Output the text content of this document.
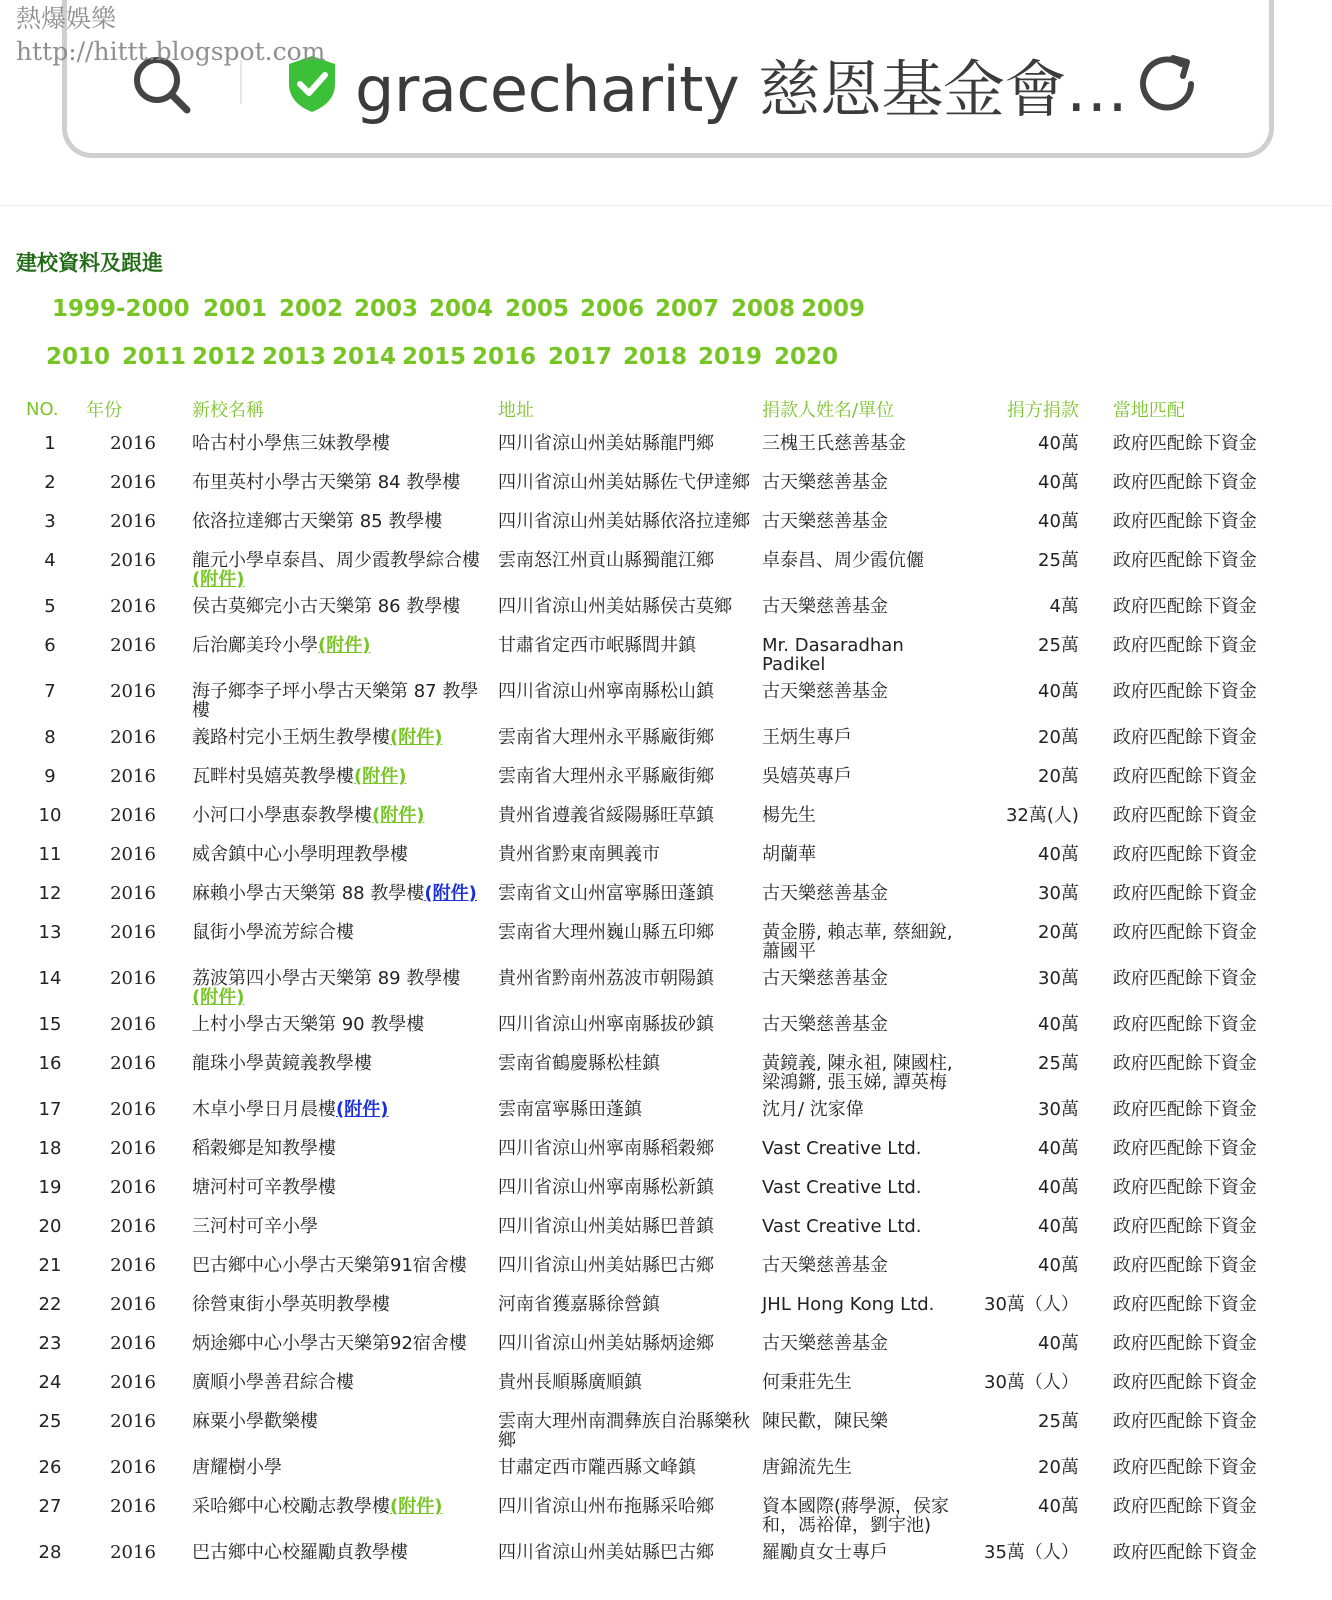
熱爆娛樂
http://hittt.blogspot.com
gracecharity 慈恩基金會…
建校資料及跟進
1999-2000 2001 2002 2003 2004 2005 2006 2007 2008 2009
2010 2011 2012 2013 2014 2015 2016 2017 2018 2019 2020
NO.	年份	新校名稱	地址	捐款人姓名/單位	捐方捐款	當地匹配
1	2016	哈古村小學焦三妹教學樓	四川省涼山州美姑縣龍門鄉	三槐王氏慈善基金	40萬	政府匹配餘下資金
2	2016	布里英村小學古天樂第 84 教學樓	四川省涼山州美姑縣佐弋伊達鄉	古天樂慈善基金	40萬	政府匹配餘下資金
3	2016	依洛拉達鄉古天樂第 85 教學樓	四川省涼山州美姑縣依洛拉達鄉	古天樂慈善基金	40萬	政府匹配餘下資金
4	2016	龍元小學卓泰昌、周少霞教學綜合樓(附件)	雲南怒江州貢山縣獨龍江鄉	卓泰昌、周少霞伉儷	25萬	政府匹配餘下資金
5	2016	侯古莫鄉完小古天樂第 86 教學樓	四川省涼山州美姑縣侯古莫鄉	古天樂慈善基金	4萬	政府匹配餘下資金
6	2016	后治鄺美玲小學(附件)	甘肅省定西市岷縣閭井鎮	Mr. Dasaradhan Padikel	25萬	政府匹配餘下資金
7	2016	海子鄉李子坪小學古天樂第 87 教學樓	四川省涼山州寧南縣松山鎮	古天樂慈善基金	40萬	政府匹配餘下資金
8	2016	義路村完小王炳生教學樓(附件)	雲南省大理州永平縣廠街鄉	王炳生專戶	20萬	政府匹配餘下資金
9	2016	瓦畔村吳嬉英教學樓(附件)	雲南省大理州永平縣廠街鄉	吳嬉英專戶	20萬	政府匹配餘下資金
10	2016	小河口小學惠泰教學樓(附件)	貴州省遵義省綏陽縣旺草鎮	楊先生	32萬(人)	政府匹配餘下資金
11	2016	威舍鎮中心小學明理教學樓	貴州省黔東南興義市	胡蘭華	40萬	政府匹配餘下資金
12	2016	麻賴小學古天樂第 88 教學樓(附件)	雲南省文山州富寧縣田蓬鎮	古天樂慈善基金	30萬	政府匹配餘下資金
13	2016	鼠街小學流芳綜合樓	雲南省大理州巍山縣五印鄉	黃金勝, 賴志華, 蔡細銳, 蕭國平	20萬	政府匹配餘下資金
14	2016	荔波第四小學古天樂第 89 教學樓(附件)	貴州省黔南州荔波市朝陽鎮	古天樂慈善基金	30萬	政府匹配餘下資金
15	2016	上村小學古天樂第 90 教學樓	四川省涼山州寧南縣拔砂鎮	古天樂慈善基金	40萬	政府匹配餘下資金
16	2016	龍珠小學黃鏡義教學樓	雲南省鶴慶縣松桂鎮	黃鏡義, 陳永祖, 陳國柱, 梁鴻鏘, 張玉娣, 譚英梅	25萬	政府匹配餘下資金
17	2016	木卓小學日月晨樓(附件)	雲南富寧縣田蓬鎮	沈月/ 沈家偉	30萬	政府匹配餘下資金
18	2016	稻穀鄉是知教學樓	四川省涼山州寧南縣稻穀鄉	Vast Creative Ltd.	40萬	政府匹配餘下資金
19	2016	塘河村可辛教學樓	四川省涼山州寧南縣松新鎮	Vast Creative Ltd.	40萬	政府匹配餘下資金
20	2016	三河村可辛小學	四川省涼山州美姑縣巴普鎮	Vast Creative Ltd.	40萬	政府匹配餘下資金
21	2016	巴古鄉中心小學古天樂第91宿舍樓	四川省涼山州美姑縣巴古鄉	古天樂慈善基金	40萬	政府匹配餘下資金
22	2016	徐營東街小學英明教學樓	河南省獲嘉縣徐營鎮	JHL Hong Kong Ltd.	30萬（人）	政府匹配餘下資金
23	2016	炳途鄉中心小學古天樂第92宿舍樓	四川省涼山州美姑縣炳途鄉	古天樂慈善基金	40萬	政府匹配餘下資金
24	2016	廣順小學善君綜合樓	貴州長順縣廣順鎮	何秉莊先生	30萬（人）	政府匹配餘下資金
25	2016	麻粟小學歡樂樓	雲南大理州南澗彝族自治縣樂秋鄉	陳民歡，陳民樂	25萬	政府匹配餘下資金
26	2016	唐耀樹小學	甘肅定西市隴西縣文峰鎮	唐錦流先生	20萬	政府匹配餘下資金
27	2016	采哈鄉中心校勵志教學樓(附件)	四川省涼山州布拖縣采哈鄉	資本國際(蔣學源，侯家和，馮裕偉，劉宇池)	40萬	政府匹配餘下資金
28	2016	巴古鄉中心校羅勵貞教學樓	四川省涼山州美姑縣巴古鄉	羅勵貞女士專戶	35萬（人）	政府匹配餘下資金
